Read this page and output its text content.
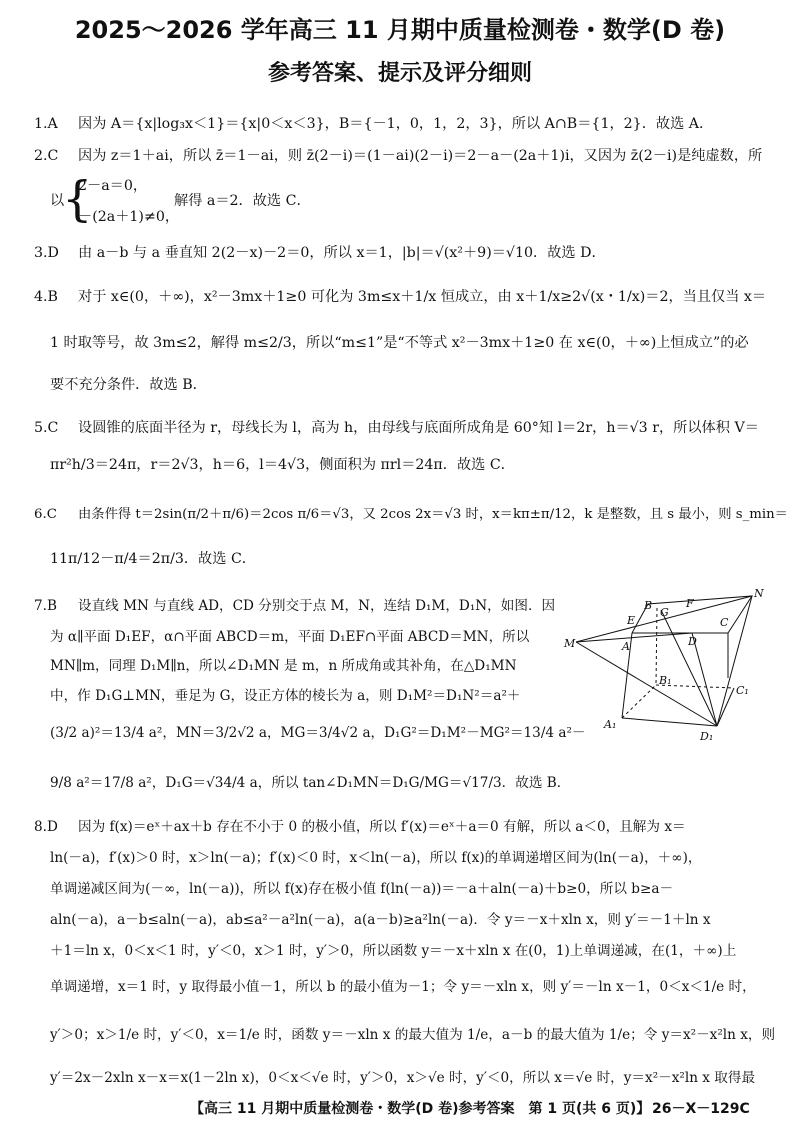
2025～2026 学年高三 11 月期中质量检测卷・数学(D 卷)
参考答案、提示及评分细则
1.A 因为 A＝{x|log₃x＜1}＝{x|0＜x＜3}，B＝{－1，0，1，2，3}，所以 A∩B＝{1，2}．故选 A．
2.C 因为 z＝1＋ai，所以 z̄＝1－ai，则 z̄(2－i)＝(1－ai)(2－i)＝2－a－(2a＋1)i，又因为 z̄(2－i)是纯虚数，所
2－a＝0，
以
{
－(2a＋1)≠0，
解得 a＝2．故选 C．
3.D 由 a－b 与 a 垂直知 2(2－x)－2＝0，所以 x＝1，|b|＝√(x²＋9)＝√10．故选 D．
4.B 对于 x∈(0，＋∞)，x²－3mx＋1≥0 可化为 3m≤x＋1/x 恒成立，由 x＋1/x≥2√(x・1/x)＝2，当且仅当 x＝
1 时取等号，故 3m≤2，解得 m≤2/3，所以“m≤1”是“不等式 x²－3mx＋1≥0 在 x∈(0，＋∞)上恒成立”的必
要不充分条件．故选 B．
5.C 设圆锥的底面半径为 r，母线长为 l，高为 h，由母线与底面所成角是 60°知 l＝2r，h＝√3 r，所以体积 V＝
πr²h/3＝24π，r＝2√3，h＝6，l＝4√3，侧面积为 πrl＝24π．故选 C．
6.C 由条件得 t＝2sin(π/2＋π/6)＝2cos π/6＝√3，又 2cos 2x＝√3 时，x＝kπ±π/12，k 是整数，且 s 最小，则 s_min＝
11π/12－π/4＝2π/3．故选 C．
7.B 设直线 MN 与直线 AD，CD 分别交于点 M，N，连结 D₁M，D₁N，如图．因
为 α∥平面 D₁EF，α∩平面 ABCD＝m，平面 D₁EF∩平面 ABCD＝MN，所以
MN∥m，同理 D₁M∥n，所以∠D₁MN 是 m，n 所成角或其补角，在△D₁MN
中，作 D₁G⊥MN，垂足为 G，设正方体的棱长为 a，则 D₁M²＝D₁N²＝a²＋
(3/2 a)²＝13/4 a²，MN＝3/2√2 a，MG＝3/4√2 a，D₁G²＝D₁M²－MG²＝13/4 a²－
9/8 a²＝17/8 a²，D₁G＝√34/4 a，所以 tan∠D₁MN＝D₁G/MG＝√17/3．故选 B．
B	F
N
E
G
C
D
M	A
B₁
C₁
A₁
D₁
8.D 因为 f(x)＝eˣ＋ax＋b 存在不小于 0 的极小值，所以 f′(x)＝eˣ＋a＝0 有解，所以 a＜0，且解为 x＝
ln(－a)，f′(x)＞0 时，x＞ln(－a)；f′(x)＜0 时，x＜ln(－a)，所以 f(x)的单调递增区间为(ln(－a)，＋∞)，
单调递减区间为(－∞，ln(－a))，所以 f(x)存在极小值 f(ln(－a))＝－a＋aln(－a)＋b≥0，所以 b≥a－
aln(－a)，a－b≤aln(－a)，ab≤a²－a²ln(－a)，a(a－b)≥a²ln(－a)．令 y＝－x＋xln x，则 y′＝－1＋ln x
＋1＝ln x，0＜x＜1 时，y′＜0，x＞1 时，y′＞0，所以函数 y＝－x＋xln x 在(0，1)上单调递减，在(1，＋∞)上
单调递增，x＝1 时，y 取得最小值－1，所以 b 的最小值为－1；令 y＝－xln x，则 y′＝－ln x－1，0＜x＜1/e 时，
y′＞0；x＞1/e 时，y′＜0，x＝1/e 时，函数 y＝－xln x 的最大值为 1/e，a－b 的最大值为 1/e；令 y＝x²－x²ln x，则
y′＝2x－2xln x－x＝x(1－2ln x)，0＜x＜√e 时，y′＞0，x＞√e 时，y′＜0，所以 x＝√e 时，y＝x²－x²ln x 取得最
【高三 11 月期中质量检测卷・数学(D 卷)参考答案　第 1 页(共 6 页)】 26－X－129C
